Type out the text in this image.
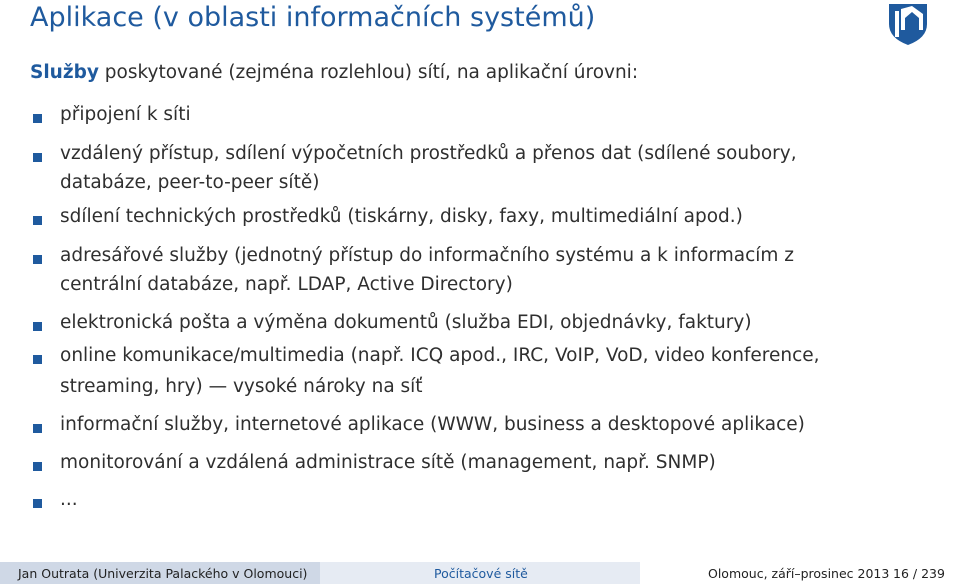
Aplikace (v oblasti informačních systémů)
Služby poskytované (zejména rozlehlou) sítí, na aplikační úrovni:
připojení k síti
vzdálený přístup, sdílení výpočetních prostředků a přenos dat (sdílené soubory,
databáze, peer-to-peer sítě)
sdílení technických prostředků (tiskárny, disky, faxy, multimediální apod.)
adresářové služby (jednotný přístup do informačního systému a k informacím z
centrální databáze, např. LDAP, Active Directory)
elektronická pošta a výměna dokumentů (služba EDI, objednávky, faktury)
online komunikace/multimedia (např. ICQ apod., IRC, VoIP, VoD, video konference,
streaming, hry) — vysoké nároky na síť
informační služby, internetové aplikace (WWW, business a desktopové aplikace)
monitorování a vzdálená administrace sítě (management, např. SNMP)
...
Jan Outrata (Univerzita Palackého v Olomouci)	Počítačové sítě	Olomouc, září–prosinec 2013 16 / 239
